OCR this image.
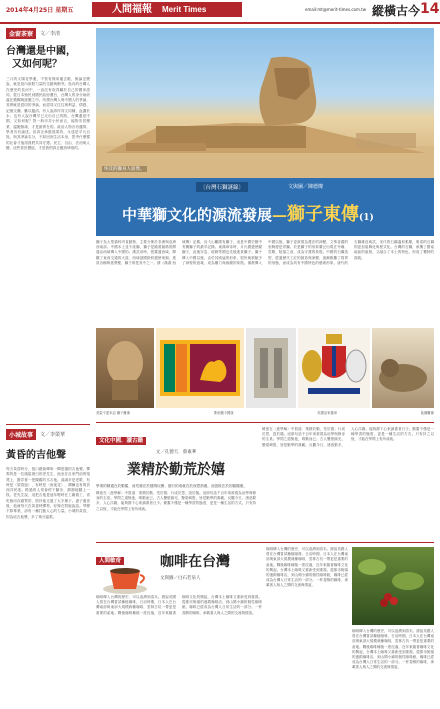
2014年4月25日 星期五	人間福報 Merit Times	email:mt@merit-times.com.tw 縱橫古今 14
金窗茶寮	文／李清
台灣還是中國，
又如何呢？
三月的太陽花學運，不管有無來龍去脈，無論怎麼說，就是島內兩股力量的交錯與衝突。島內的台灣人在歷史的長河中，一直沒有取得屬於自己的國家認同，從日本殖民到國民政府遷台，台灣人的身分始終處在模糊與搖擺之中。所謂台灣人與中國人的爭論，其實就是認同的爭論，而認同又往往與利益、情感、記憶交纏，難以釐清。有人說兩岸同文同種，血濃於水；也有人說台灣早已走出自己的路。台灣還是中國，又如何呢？對一般市井小民而言，能夠安居樂業、溫飽無虞，才是最實在的。政治人物各有盤算，學者各有論述，但真正承擔後果的，永遠是平凡百姓。與其爭論名分，不如回到生活本身，思考什麼樣的社會才值得我們共同守護。民主、自由、法治與人權，這些普世價值，才是我們真正應該珍惜的。
埃及的獅身人面像。
〔台灣石獅謎線〕	文與圖／陳德燦
中華獅文化的源流發展—獅子東傳(1)
獅子為大型貓科肉食動物，主要分佈於非洲與亞洲西南部。中國本土並不產獅，獅子是隨著絲路的開通由西域傳入中國的。漢武帝時，張騫通西域，開闢了東西交通的大道，西域諸國紛紛遣使來朝，進貢各種珍禽異獸，獅子即是其中之一。據《漢書·西域傳》記載，烏弋山離國有獅子，這是中國史籍中有關獅子的最早記錄。東漢章帝時，月氏國遣使獻獅子，此後安息、疏勒等國也先後進貢獅子。獅子傳入中國以後，由於其威猛的形象，很快就被賦予了神聖的意義，成為權力與威嚴的象徵。佛教傳入中國以後，獅子更被視為護法的神獸，文殊菩薩的坐騎便是青獅。於是獅子的形象廣泛出現在寺廟、宮殿、陵墓之前，成為守護的象徵。中國的石獅造型，經過歷代工匠的創造與演變，逐漸脫離了寫實的形態，而成為具有中國特色的藝術形象。唐代的石獅雄壯威武，宋代的石獅溫和柔順，明清的石獅則更加裝飾化與程式化。台灣的石獅，承襲了閩南地區的風格，又融合了本土的特色，形成了獨特的面貌。
美索不達米亞 獅子雕像	斯里蘭卡國旗	英國皇家徽章	臥獅雕像
小城故事	文／李榮華
黃昏的吉他聲
每天黃昏時分，巷口總會傳來一陣悠揚的吉他聲。彈奏的是一位頭髮斑白的老先生，他坐在自家門前的矮凳上，撥弄著一把陳舊的木吉他。曲調多是老歌，有時是〈望春風〉，有時是〈雨夜花〉，偶爾也有幾首西洋民謠。路過的人常會停下腳步，靜靜地聽上一段。老先生說，這把吉他是他年輕時在工廠做工，省吃儉用存錢買的，陪伴他走過了大半輩子。妻子過世後，他就每天在黃昏時彈奏，好像在對她說話。琴聲不算專業，卻有一種打動人心的力量。小城的黃昏，因為這吉他聲，多了幾分溫柔。
文化中國．讀古籍
文／孔德天．蔡素華
業精於勤荒於嬉
學業的精通在於勤奮，而荒廢在於嬉戲玩樂；德行的成就在於深思熟慮，而毀敗在於因循隨便。
韓愈在〈進學解〉中寫道：業精於勤，荒於嬉；行成於思，毀於隨。這兩句話千百年來被視為治學與修身的圭臬。學問之道無他，唯勤而已。古人鑿壁偷光、懸梁刺股，皆是勤學的典範。反觀今日，誘惑繁多，人心浮躁，能夠靜下心來讀書者日少。勤奮不僅是一種學習的態度，更是一種生活的方式。只有持之以恆，才能在學問上有所成就。
韓愈在〈進學解〉中寫道：業精於勤，荒於嬉；行成於思，毀於隨。這兩句話千百年來被視為治學與修身的圭臬。學問之道無他，唯勤而已。古人鑿壁偷光、懸梁刺股，皆是勤學的典範。反觀今日，誘惑繁多，人心浮躁，能夠靜下心來讀書者日少。勤奮不僅是一種學習的態度，更是一種生活的方式。只有持之以恆，才能在學問上有所成就。
人間敏奇	咖啡在台灣
文與圖／白石若泉人
咖啡傳入台灣的歷史，可以追溯到清末。據說英國人曾在台灣嘗試種植咖啡，日治時期，日本人在台灣南部與東部大規模栽種咖啡，雲林古坑一帶更是重要的產地。戰後咖啡種植一度沒落，近年來隨著咖啡文化的興起，台灣本土咖啡又重新受到重視。從都市街頭的連鎖咖啡店，到山間小鎮的個性咖啡館，咖啡已經成為台灣人日常生活的一部分。一杯香醇的咖啡，承載著人與人之間的交流與情誼。
咖啡傳入台灣的歷史，可以追溯到清末。據說英國人曾在台灣嘗試種植咖啡，日治時期，日本人在台灣南部與東部大規模栽種咖啡，雲林古坑一帶更是重要的產地。戰後咖啡種植一度沒落，近年來隨著咖啡文化的興起，台灣本土咖啡又重新受到重視。從都市街頭的連鎖咖啡店，到山間小鎮的個性咖啡館，咖啡已經成為台灣人日常生活的一部分。一杯香醇的咖啡，承載著人與人之間的交流與情誼。
咖啡傳入台灣的歷史，可以追溯到清末。據說英國人曾在台灣嘗試種植咖啡，日治時期，日本人在台灣南部與東部大規模栽種咖啡，雲林古坑一帶更是重要的產地。戰後咖啡種植一度沒落，近年來隨著咖啡文化的興起，台灣本土咖啡又重新受到重視。從都市街頭的連鎖咖啡店，到山間小鎮的個性咖啡館，咖啡已經成為台灣人日常生活的一部分。一杯香醇的咖啡，承載著人與人之間的交流與情誼。
